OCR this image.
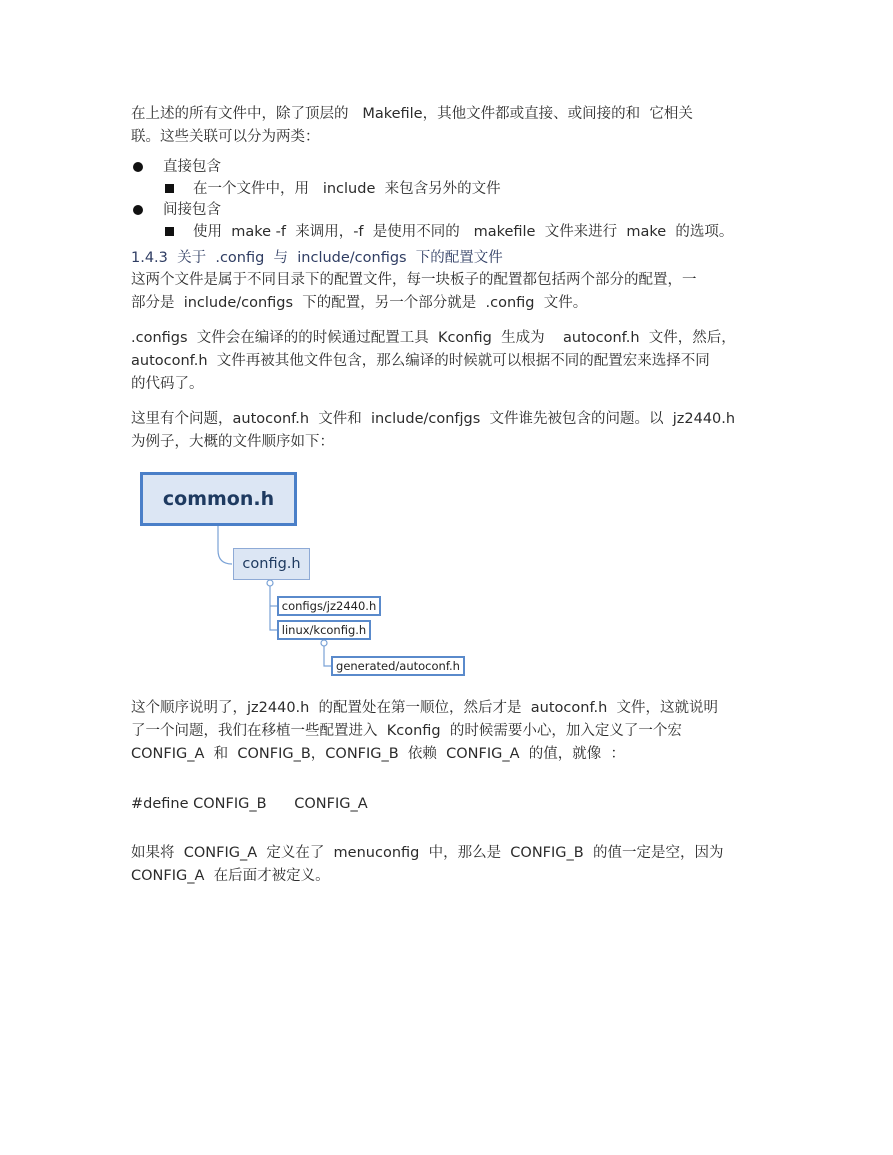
在上述的所有文件中，除了顶层的   Makefile，其他文件都或直接、或间接的和  它相关

联。这些关联可以分为两类：

直接包含
在一个文件中，用   include  来包含另外的文件
间接包含
使用  make -f  来调用，-f  是使用不同的   makefile  文件来进行  make  的选项。
1.4.3  关于  .config  与  include/configs  下的配置文件

这两个文件是属于不同目录下的配置文件，每一块板子的配置都包括两个部分的配置，一

部分是  include/configs  下的配置，另一个部分就是  .config  文件。

.configs  文件会在编译的的时候通过配置工具  Kconfig  生成为    autoconf.h  文件，然后，

autoconf.h  文件再被其他文件包含，那么编译的时候就可以根据不同的配置宏来选择不同

的代码了。

这里有个问题，autoconf.h  文件和  include/confjgs  文件谁先被包含的问题。以  jz2440.h

为例子，大概的文件顺序如下：

common.h
config.h
configs/jz2440.h
linux/kconfig.h
generated/autoconf.h

这个顺序说明了，jz2440.h  的配置处在第一顺位，然后才是  autoconf.h  文件，这就说明

了一个问题，我们在移植一些配置进入  Kconfig  的时候需要小心，加入定义了一个宏

CONFIG_A  和  CONFIG_B，CONFIG_B  依赖  CONFIG_A  的值，就像  ：

#define CONFIG_B      CONFIG_A

如果将  CONFIG_A  定义在了  menuconfig  中，那么是  CONFIG_B  的值一定是空，因为

CONFIG_A  在后面才被定义。
